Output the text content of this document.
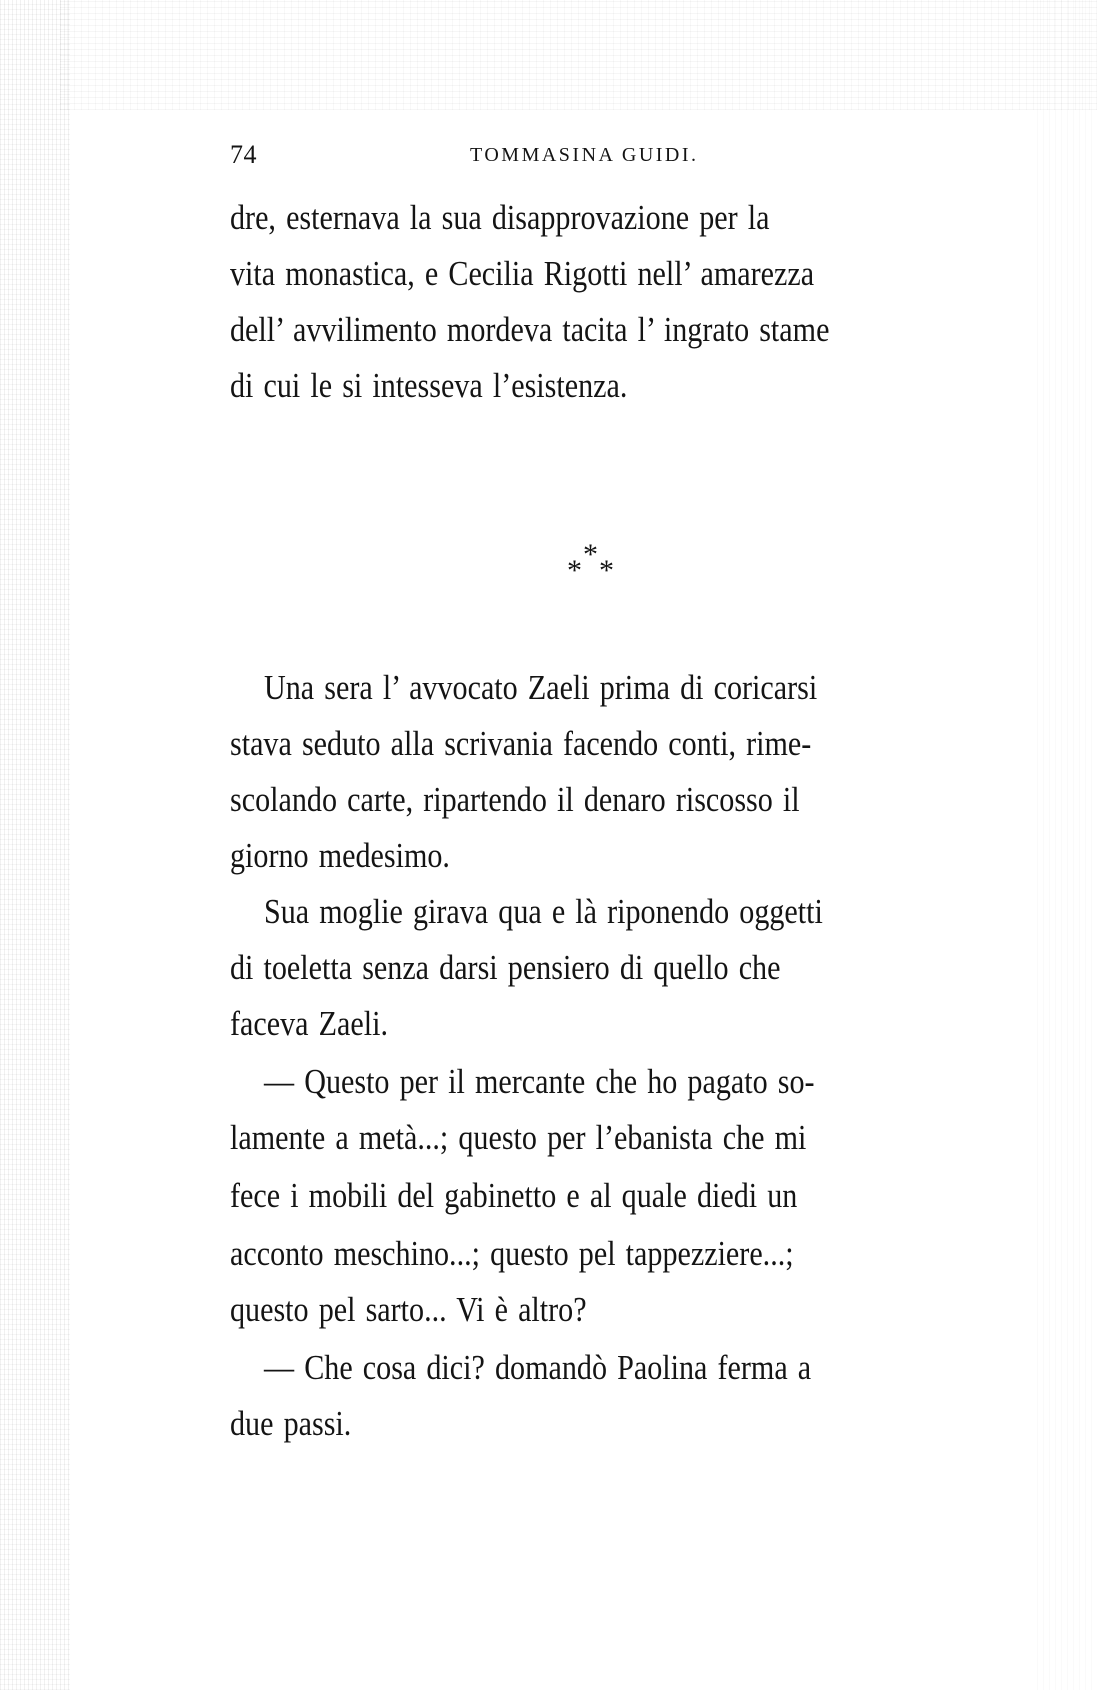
74	TOMMASINA GUIDI.
dre, esternava la sua disapprovazione per la
vita monastica, e Cecilia Rigotti nell’ amarezza
dell’ avvilimento mordeva tacita l’ ingrato stame
di cui le si intesseva l’esistenza.
*
* *
Una sera l’ avvocato Zaeli prima di coricarsi
stava seduto alla scrivania facendo conti, rime-
scolando carte, ripartendo il denaro riscosso il
giorno medesimo.
Sua moglie girava qua e là riponendo oggetti
di toeletta senza darsi pensiero di quello che
faceva Zaeli.
— Questo per il mercante che ho pagato so-
lamente a metà...; questo per l’ebanista che mi
fece i mobili del gabinetto e al quale diedi un
acconto meschino...; questo pel tappezziere...;
questo pel sarto... Vi è altro?
— Che cosa dici? domandò Paolina ferma a
due passi.
